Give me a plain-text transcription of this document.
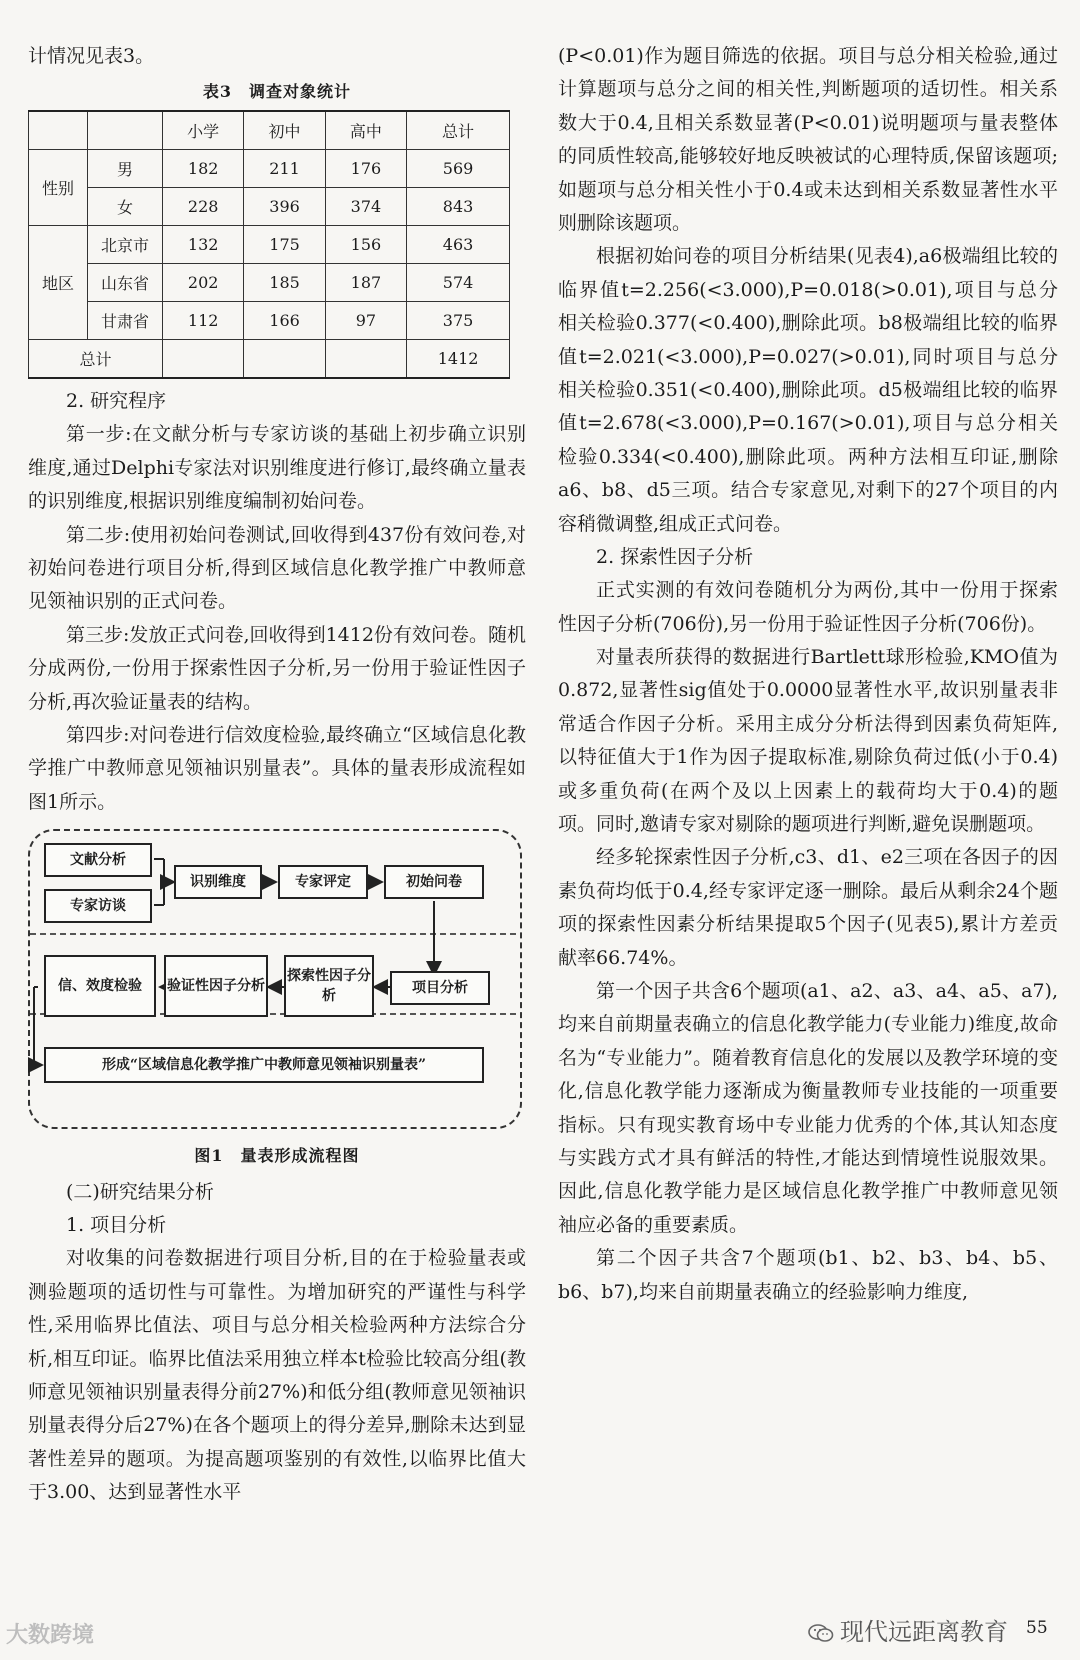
计情况见表3。

表3　调查对象统计
		小学	初中	高中	总计
性别	男	182	211	176	569
	女	228	396	374	843
地区	北京市	132	175	156	463
	山东省	202	185	187	574
	甘肃省	112	166	97	375
总计					1412
2. 研究程序

第一步:在文献分析与专家访谈的基础上初步确立识别维度,通过Delphi专家法对识别维度进行修订,最终确立量表的识别维度,根据识别维度编制初始问卷。

第二步:使用初始问卷测试,回收得到437份有效问卷,对初始问卷进行项目分析,得到区域信息化教学推广中教师意见领袖识别的正式问卷。

第三步:发放正式问卷,回收得到1412份有效问卷。随机分成两份,一份用于探索性因子分析,另一份用于验证性因子分析,再次验证量表的结构。

第四步:对问卷进行信效度检验,最终确立“区域信息化教学推广中教师意见领袖识别量表”。具体的量表形成流程如图1所示。

文献分析
专家访谈
识别维度	专家评定	初始问卷
信、效度检验	验证性因子分析
探索性因子分析	项目分析
形成“区域信息化教学推广中教师意见领袖识别量表”
图1　量表形成流程图
(二)研究结果分析
1. 项目分析

对收集的问卷数据进行项目分析,目的在于检验量表或测验题项的适切性与可靠性。为增加研究的严谨性与科学性,采用临界比值法、项目与总分相关检验两种方法综合分析,相互印证。临界比值法采用独立样本t检验比较高分组(教师意见领袖识别量表得分前27%)和低分组(教师意见领袖识别量表得分后27%)在各个题项上的得分差异,删除未达到显著性差异的题项。为提高题项鉴别的有效性,以临界比值大于3.00、达到显著性水平

(P<0.01)作为题目筛选的依据。项目与总分相关检验,通过计算题项与总分之间的相关性,判断题项的适切性。相关系数大于0.4,且相关系数显著(P<0.01)说明题项与量表整体的同质性较高,能够较好地反映被试的心理特质,保留该题项;如题项与总分相关性小于0.4或未达到相关系数显著性水平则删除该题项。

根据初始问卷的项目分析结果(见表4),a6极端组比较的临界值t=2.256(<3.000),P=0.018(>0.01),项目与总分相关检验0.377(<0.400),删除此项。b8极端组比较的临界值t=2.021(<3.000),P=0.027(>0.01),同时项目与总分相关检验0.351(<0.400),删除此项。d5极端组比较的临界值t=2.678(<3.000),P=0.167(>0.01),项目与总分相关检验0.334(<0.400),删除此项。两种方法相互印证,删除a6、b8、d5三项。结合专家意见,对剩下的27个项目的内容稍微调整,组成正式问卷。

2. 探索性因子分析

正式实测的有效问卷随机分为两份,其中一份用于探索性因子分析(706份),另一份用于验证性因子分析(706份)。

对量表所获得的数据进行Bartlett球形检验,KMO值为0.872,显著性sig值处于0.0000显著性水平,故识别量表非常适合作因子分析。采用主成分分析法得到因素负荷矩阵,以特征值大于1作为因子提取标准,剔除负荷过低(小于0.4)或多重负荷(在两个及以上因素上的载荷均大于0.4)的题项。同时,邀请专家对剔除的题项进行判断,避免误删题项。

经多轮探索性因子分析,c3、d1、e2三项在各因子的因素负荷均低于0.4,经专家评定逐一删除。最后从剩余24个题项的探索性因素分析结果提取5个因子(见表5),累计方差贡献率66.74%。

第一个因子共含6个题项(a1、a2、a3、a4、a5、a7),均来自前期量表确立的信息化教学能力(专业能力)维度,故命名为“专业能力”。随着教育信息化的发展以及教学环境的变化,信息化教学能力逐渐成为衡量教师专业技能的一项重要指标。只有现实教育场中专业能力优秀的个体,其认知态度与实践方式才具有鲜活的特性,才能达到情境性说服效果。因此,信息化教学能力是区域信息化教学推广中教师意见领袖应必备的重要素质。

第二个因子共含7个题项(b1、b2、b3、b4、b5、b6、b7),均来自前期量表确立的经验影响力维度,

大数跨境	现代远距离教育 55
